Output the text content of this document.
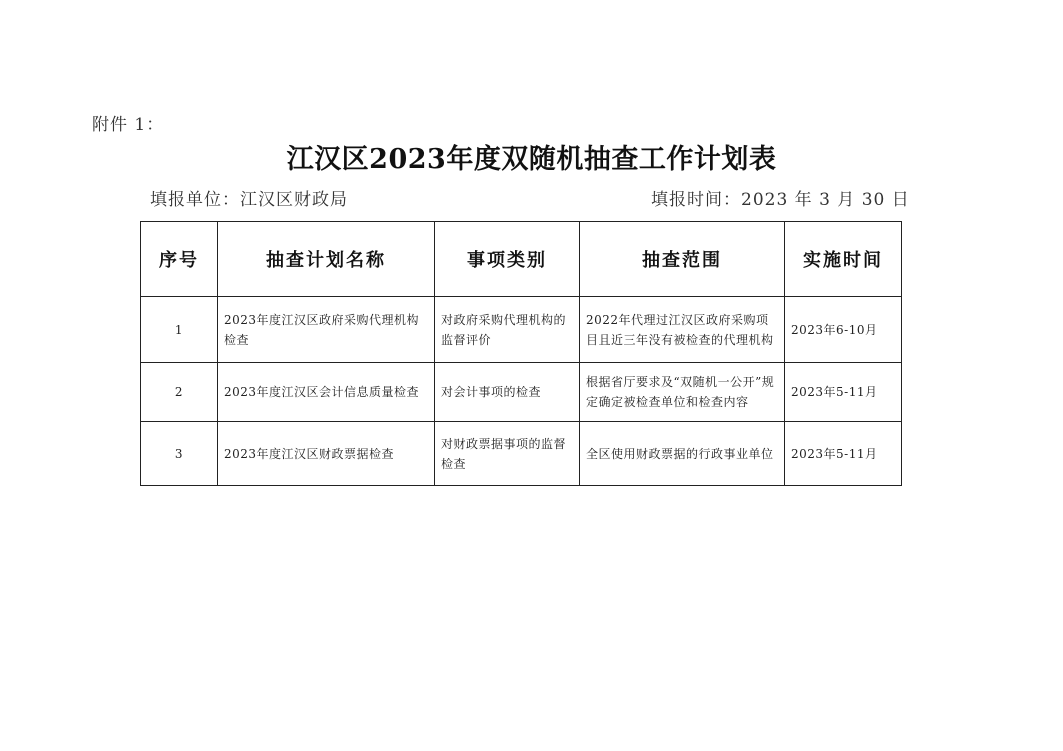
附件 1：
江汉区2023年度双随机抽查工作计划表
填报单位：江汉区财政局	填报时间：2023 年 3 月 30 日
序号	抽查计划名称	事项类别	抽查范围	实施时间
1	2023年度江汉区政府采购代理机构检查	对政府采购代理机构的监督评价	2022年代理过江汉区政府采购项目且近三年没有被检查的代理机构	2023年6-10月
2	2023年度江汉区会计信息质量检查	对会计事项的检查	根据省厅要求及“双随机一公开”规定确定被检查单位和检查内容	2023年5-11月
3	2023年度江汉区财政票据检查	对财政票据事项的监督检查	全区使用财政票据的行政事业单位	2023年5-11月
